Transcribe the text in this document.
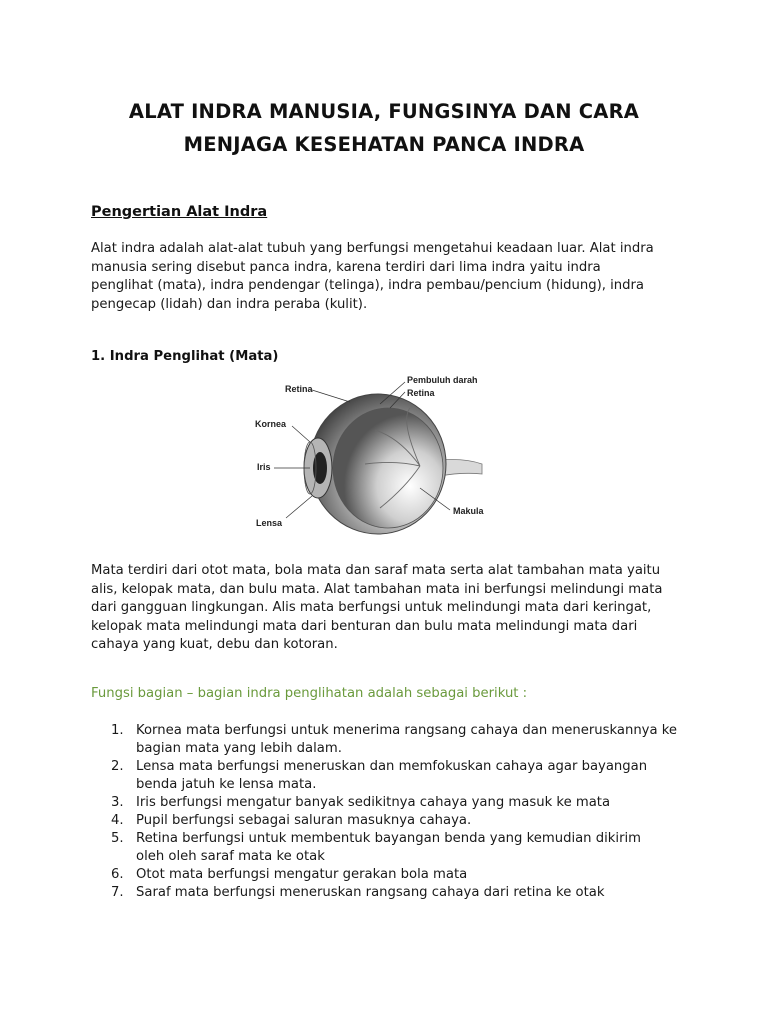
ALAT INDRA MANUSIA, FUNGSINYA DAN CARA
MENJAGA KESEHATAN PANCA INDRA
Pengertian Alat Indra

Alat indra adalah alat-alat tubuh yang berfungsi mengetahui keadaan luar. Alat indra
manusia sering disebut panca indra, karena terdiri dari lima indra yaitu indra
penglihat (mata), indra pendengar (telinga), indra pembau/pencium (hidung), indra
pengecap (lidah) dan indra peraba (kulit).

1. Indra Penglihat (Mata)
Retina
Pembuluh darah
Retina
Kornea
Iris
Makula
Lensa

Mata terdiri dari otot mata, bola mata dan saraf mata serta alat tambahan mata yaitu
alis, kelopak mata, dan bulu mata. Alat tambahan mata ini berfungsi melindungi mata
dari gangguan lingkungan. Alis mata berfungsi untuk melindungi mata dari keringat,
kelopak mata melindungi mata dari benturan dan bulu mata melindungi mata dari
cahaya yang kuat, debu dan kotoran.

Fungsi bagian – bagian indra penglihatan adalah sebagai berikut :

1. Kornea mata berfungsi untuk menerima rangsang cahaya dan meneruskannya ke
bagian mata yang lebih dalam.
2. Lensa mata berfungsi meneruskan dan memfokuskan cahaya agar bayangan
benda jatuh ke lensa mata.
3. Iris berfungsi mengatur banyak sedikitnya cahaya yang masuk ke mata
4. Pupil berfungsi sebagai saluran masuknya cahaya.
5. Retina berfungsi untuk membentuk bayangan benda yang kemudian dikirim
oleh oleh saraf mata ke otak
6. Otot mata berfungsi mengatur gerakan bola mata
7. Saraf mata berfungsi meneruskan rangsang cahaya dari retina ke otak
